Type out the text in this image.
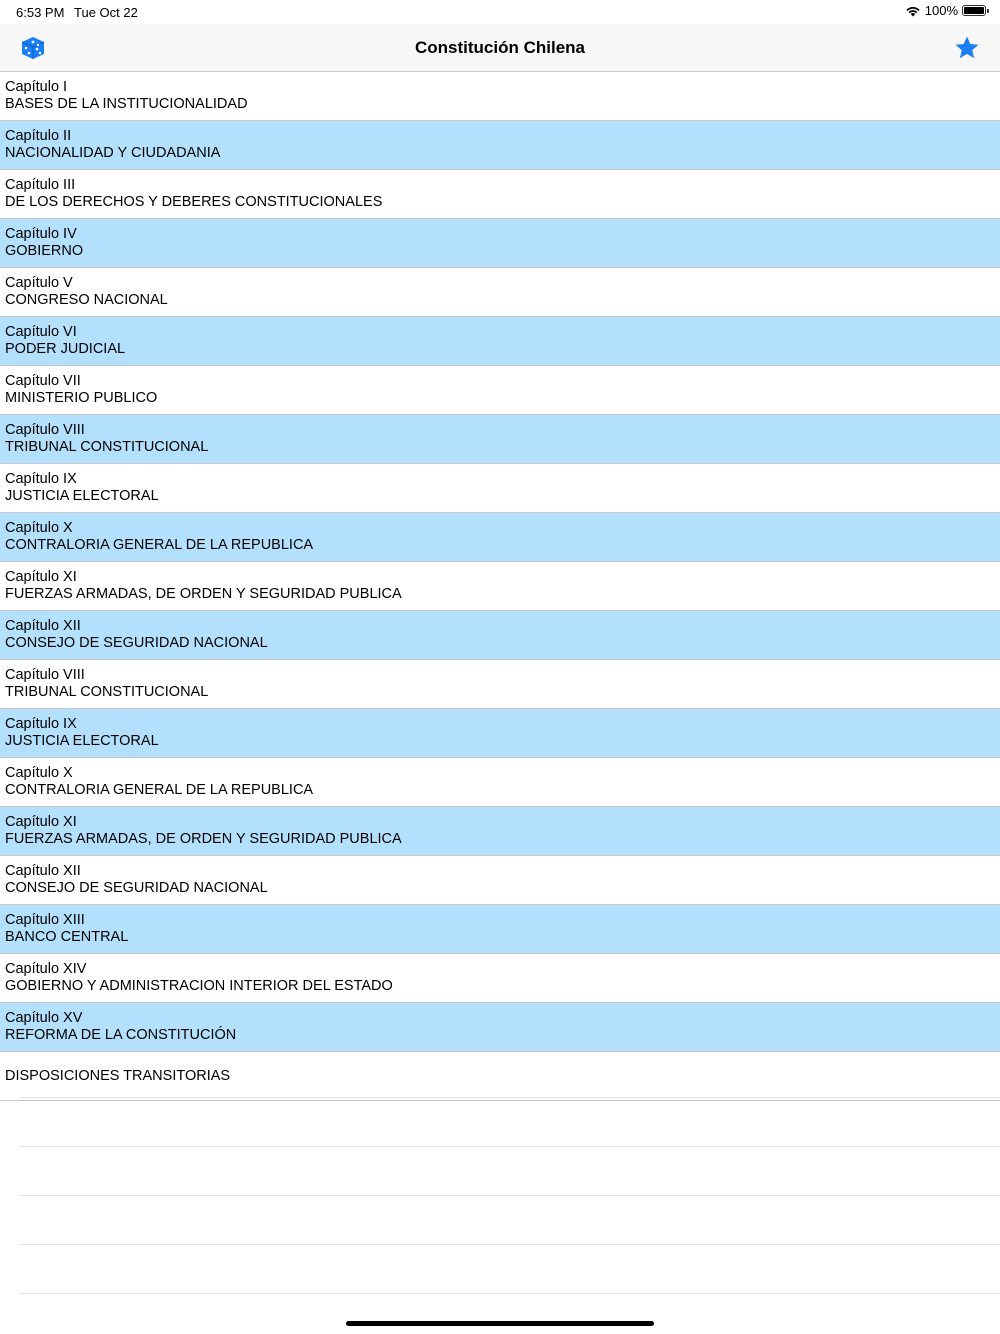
6:53 PM Tue Oct 22	100%
Constitución Chilena
Capítulo I
BASES DE LA INSTITUCIONALIDAD
Capítulo II
NACIONALIDAD Y CIUDADANIA
Capítulo III
DE LOS DERECHOS Y DEBERES CONSTITUCIONALES
Capítulo IV
GOBIERNO
Capítulo V
CONGRESO NACIONAL
Capítulo VI
PODER JUDICIAL
Capítulo VII
MINISTERIO PUBLICO
Capítulo VIII
TRIBUNAL CONSTITUCIONAL
Capítulo IX
JUSTICIA ELECTORAL
Capítulo X
CONTRALORIA GENERAL DE LA REPUBLICA
Capítulo XI
FUERZAS ARMADAS, DE ORDEN Y SEGURIDAD PUBLICA
Capítulo XII
CONSEJO DE SEGURIDAD NACIONAL
Capítulo VIII
TRIBUNAL CONSTITUCIONAL
Capítulo IX
JUSTICIA ELECTORAL
Capítulo X
CONTRALORIA GENERAL DE LA REPUBLICA
Capítulo XI
FUERZAS ARMADAS, DE ORDEN Y SEGURIDAD PUBLICA
Capítulo XII
CONSEJO DE SEGURIDAD NACIONAL
Capítulo XIII
BANCO CENTRAL
Capítulo XIV
GOBIERNO Y ADMINISTRACION INTERIOR DEL ESTADO
Capítulo XV
REFORMA DE LA CONSTITUCIÓN
DISPOSICIONES TRANSITORIAS
